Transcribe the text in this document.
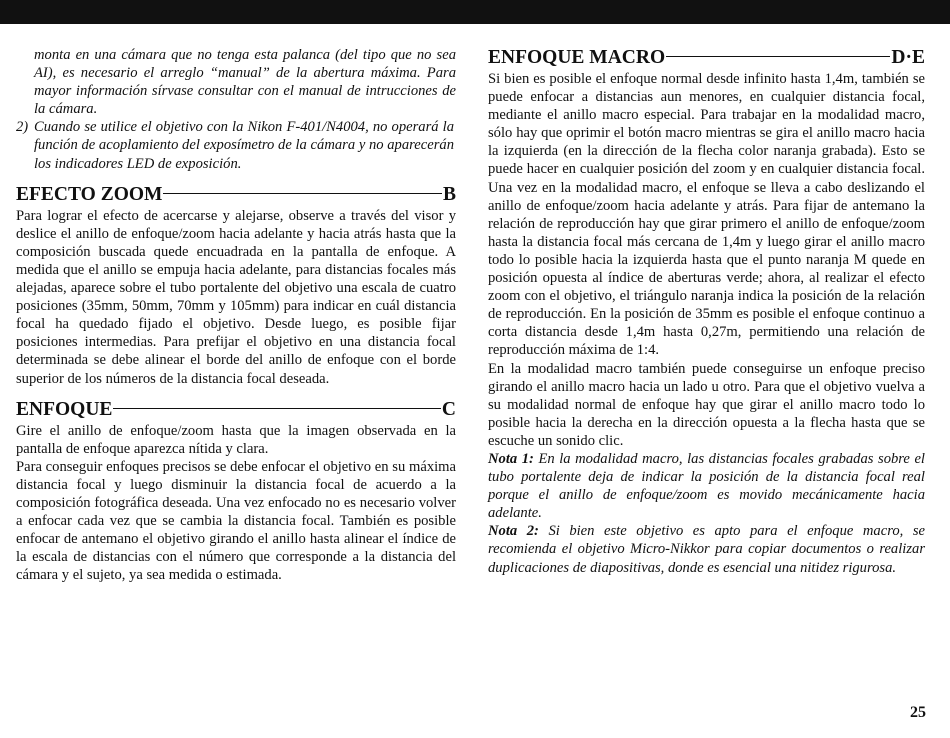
monta en una cámara que no tenga esta palanca (del tipo que no sea AI), es necesario el arreglo “manual” de la abertura máxima. Para mayor información sírvase consultar con el manual de intrucciones de la cámara.

2) Cuando se utilice el objetivo con la Nikon F-401/N4004, no operará la función de acoplamiento del exposímetro de la cámara y no aparecerán los indicadores LED de exposición.
EFECTO ZOOM	B

Para lograr el efecto de acercarse y alejarse, observe a través del visor y deslice el anillo de enfoque/zoom hacia adelante y hacia atrás hasta que la composición buscada quede encuadrada en la pantalla de enfoque. A medida que el anillo se empuja hacia adelante, para distancias focales más alejadas, aparece sobre el tubo portalente del objetivo una escala de cuatro posiciones (35mm, 50mm, 70mm y 105mm) para indicar en cuál distancia focal ha quedado fijado el objetivo. Desde luego, es posible fijar posiciones intermedias. Para prefijar el objetivo en una distancia focal determinada se debe alinear el borde del anillo de enfoque con el borde superior de los números de la distancia focal deseada.

ENFOQUE	C

Gire el anillo de enfoque/zoom hasta que la imagen observada en la pantalla de enfoque aparezca nítida y clara.

Para conseguir enfoques precisos se debe enfocar el objetivo en su máxima distancia focal y luego disminuir la distancia focal de acuerdo a la composición fotográfica deseada. Una vez enfocado no es necesario volver a enfocar cada vez que se cambia la distancia focal. También es posible enfocar de antemano el objetivo girando el anillo hasta alinear el índice de la escala de distancias con el número que corresponde a la distancia del cámara y el sujeto, ya sea medida o estimada.

ENFOQUE MACRO	D·E

Si bien es posible el enfoque normal desde infinito hasta 1,4m, también se puede enfocar a distancias aun menores, en cualquier distancia focal, mediante el anillo macro especial. Para trabajar en la modalidad macro, sólo hay que oprimir el botón macro mientras se gira el anillo macro hacia la izquierda (en la dirección de la flecha color naranja grabada). Esto se puede hacer en cualquier posición del zoom y en cualquier distancia focal. Una vez en la modalidad macro, el enfoque se lleva a cabo deslizando el anillo de enfoque/zoom hacia adelante y atrás. Para fijar de antemano la relación de reproducción hay que girar primero el anillo de enfoque/zoom hasta la distancia focal más cercana de 1,4m y luego girar el anillo macro todo lo posible hacia la izquierda hasta que el punto naranja M quede en posición opuesta al índice de aberturas verde; ahora, al realizar el efecto zoom con el objetivo, el triángulo naranja indica la posición de la relación de reproducción. En la posición de 35mm es posible el enfoque continuo a corta distancia desde 1,4m hasta 0,27m, permitiendo una relación de reproducción máxima de 1:4.

En la modalidad macro también puede conseguirse un enfoque preciso girando el anillo macro hacia un lado u otro. Para que el objetivo vuelva a su modalidad normal de enfoque hay que girar el anillo macro todo lo posible hacia la derecha en la dirección opuesta a la flecha hasta que se escuche un sonido clic.

Nota 1: En la modalidad macro, las distancias focales grabadas sobre el tubo portalente deja de indicar la posición de la distancia focal real porque el anillo de enfoque/zoom es movido mecánicamente hacia adelante.

Nota 2: Si bien este objetivo es apto para el enfoque macro, se recomienda el objetivo Micro-Nikkor para copiar documentos o realizar duplicaciones de diapositivas, donde es esencial una nitidez rigurosa.

25
